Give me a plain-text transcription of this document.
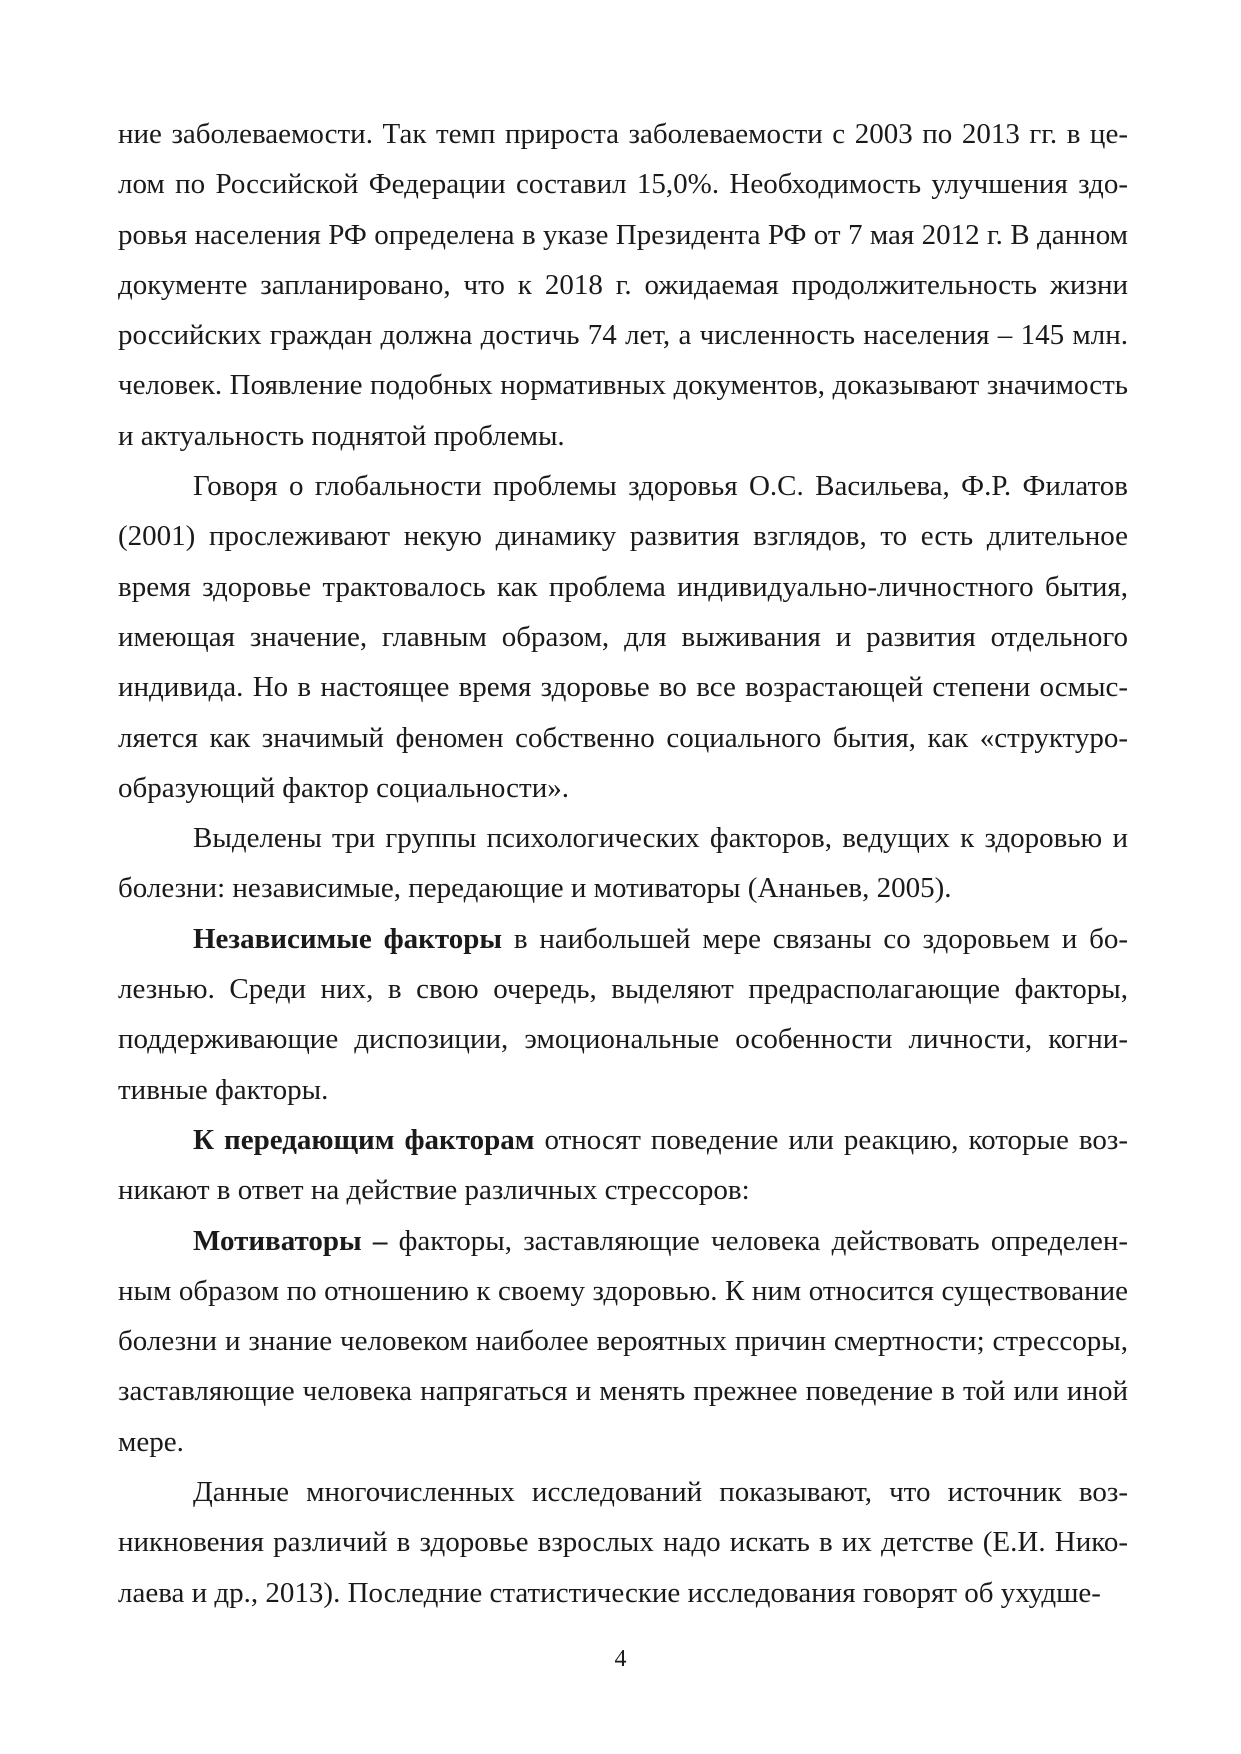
ние заболеваемости. Так темп прироста заболеваемости с 2003 по 2013 гг. в целом по Российской Федерации составил 15,0%. Необходимость улучшения здоровья населения РФ определена в указе Президента РФ от 7 мая 2012 г. В данном документе запланировано, что к 2018 г. ожидаемая продолжительность жизни российских граждан должна достичь 74 лет, а численность населения – 145 млн. человек. Появление подобных нормативных документов, доказывают значимость и актуальность поднятой проблемы.

Говоря о глобальности проблемы здоровья О.С. Васильева, Ф.Р. Филатов (2001) прослеживают некую динамику развития взглядов, то есть длительное время здоровье трактовалось как проблема индивидуально-личностного бытия, имеющая значение, главным образом, для выживания и развития отдельного индивида. Но в настоящее время здоровье во все возрастающей степени осмысляется как значимый феномен собственно социального бытия, как «структурообразующий фактор социальности».

Выделены три группы психологических факторов, ведущих к здоровью и болезни: независимые, передающие и мотиваторы (Ананьев, 2005).

Независимые факторы в наибольшей мере связаны со здоровьем и болезнью. Среди них, в свою очередь, выделяют предрасполагающие факторы, поддерживающие диспозиции, эмоциональные особенности личности, когнитивные факторы.

К передающим факторам относят поведение или реакцию, которые возникают в ответ на действие различных стрессоров:

Мотиваторы – факторы, заставляющие человека действовать определенным образом по отношению к своему здоровью. К ним относится существование болезни и знание человеком наиболее вероятных причин смертности; стрессоры, заставляющие человека напрягаться и менять прежнее поведение в той или иной мере.

Данные многочисленных исследований показывают, что источник возникновения различий в здоровье взрослых надо искать в их детстве (Е.И. Николаева и др., 2013). Последние статистические исследования говорят об ухудше-

4
